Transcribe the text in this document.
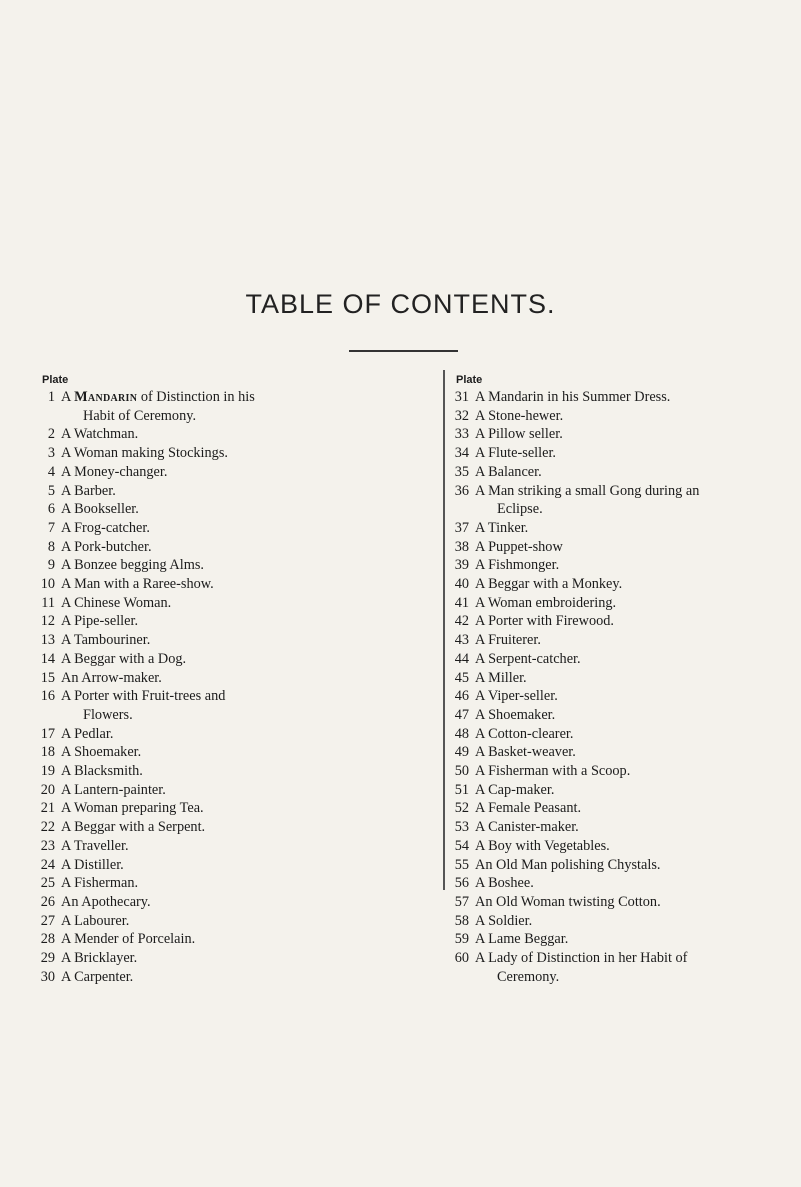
TABLE OF CONTENTS.
Plate
1 A Mandarin of Distinction in his
Habit of Ceremony.
2 A Watchman.
3 A Woman making Stockings.
4 A Money-changer.
5 A Barber.
6 A Bookseller.
7 A Frog-catcher.
8 A Pork-butcher.
9 A Bonzee begging Alms.
10 A Man with a Raree-show.
11 A Chinese Woman.
12 A Pipe-seller.
13 A Tambouriner.
14 A Beggar with a Dog.
15 An Arrow-maker.
16 A Porter with Fruit-trees and
Flowers.
17 A Pedlar.
18 A Shoemaker.
19 A Blacksmith.
20 A Lantern-painter.
21 A Woman preparing Tea.
22 A Beggar with a Serpent.
23 A Traveller.
24 A Distiller.
25 A Fisherman.
26 An Apothecary.
27 A Labourer.
28 A Mender of Porcelain.
29 A Bricklayer.
30 A Carpenter.
Plate
31 A Mandarin in his Summer Dress.
32 A Stone-hewer.
33 A Pillow seller.
34 A Flute-seller.
35 A Balancer.
36 A Man striking a small Gong during an
Eclipse.
37 A Tinker.
38 A Puppet-show
39 A Fishmonger.
40 A Beggar with a Monkey.
41 A Woman embroidering.
42 A Porter with Firewood.
43 A Fruiterer.
44 A Serpent-catcher.
45 A Miller.
46 A Viper-seller.
47 A Shoemaker.
48 A Cotton-clearer.
49 A Basket-weaver.
50 A Fisherman with a Scoop.
51 A Cap-maker.
52 A Female Peasant.
53 A Canister-maker.
54 A Boy with Vegetables.
55 An Old Man polishing Chystals.
56 A Boshee.
57 An Old Woman twisting Cotton.
58 A Soldier.
59 A Lame Beggar.
60 A Lady of Distinction in her Habit of
Ceremony.
